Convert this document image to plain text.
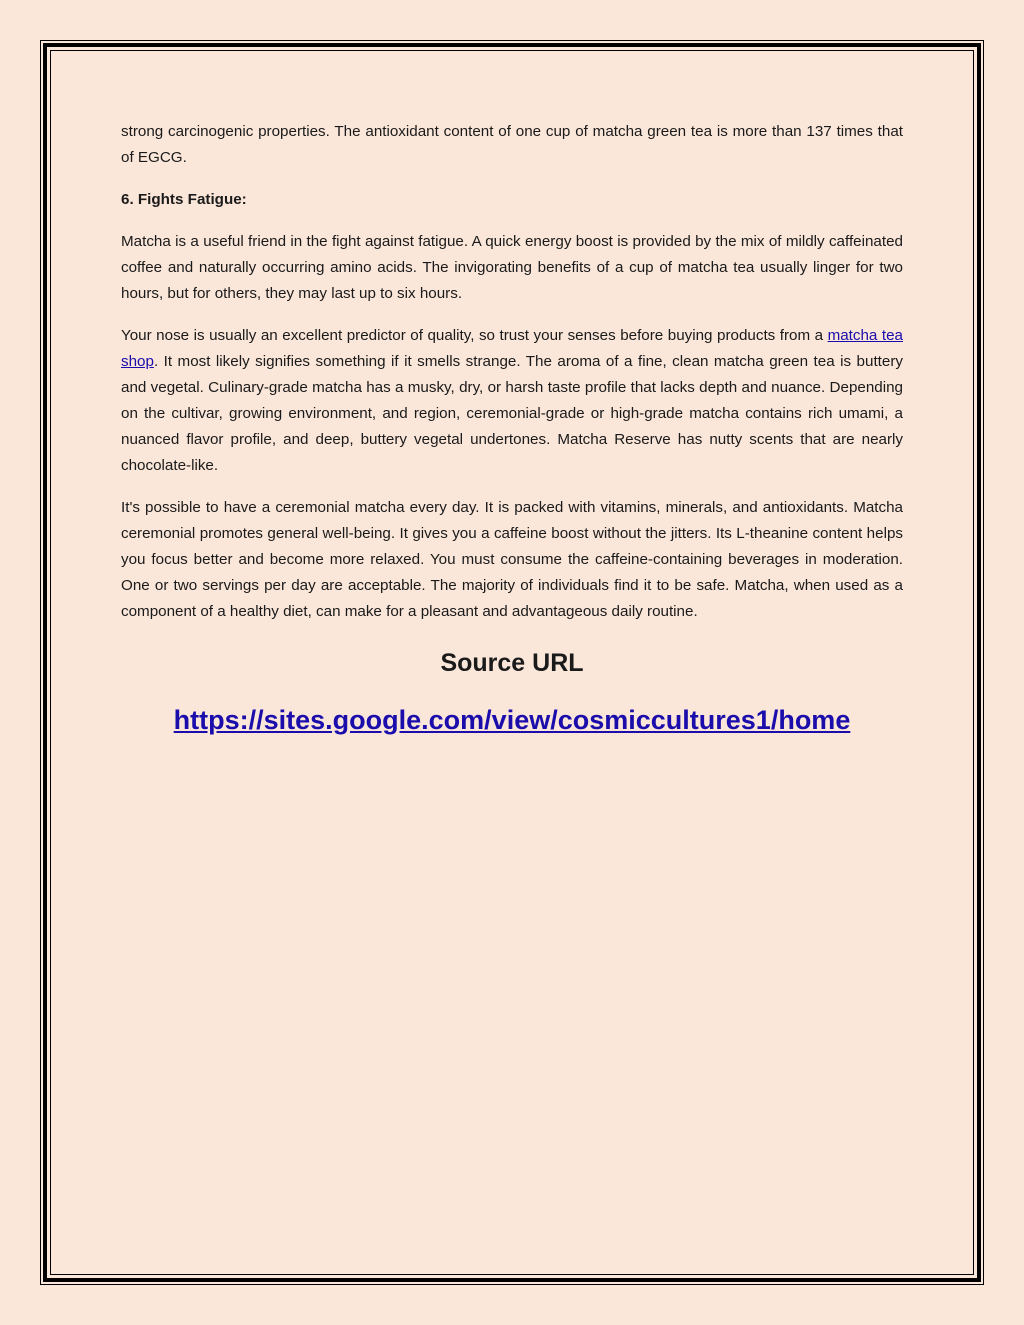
strong carcinogenic properties. The antioxidant content of one cup of matcha green tea is more than 137 times that of EGCG.

6. Fights Fatigue:

Matcha is a useful friend in the fight against fatigue. A quick energy boost is provided by the mix of mildly caffeinated coffee and naturally occurring amino acids. The invigorating benefits of a cup of matcha tea usually linger for two hours, but for others, they may last up to six hours.

Your nose is usually an excellent predictor of quality, so trust your senses before buying products from a matcha tea shop. It most likely signifies something if it smells strange. The aroma of a fine, clean matcha green tea is buttery and vegetal. Culinary-grade matcha has a musky, dry, or harsh taste profile that lacks depth and nuance. Depending on the cultivar, growing environment, and region, ceremonial-grade or high-grade matcha contains rich umami, a nuanced flavor profile, and deep, buttery vegetal undertones. Matcha Reserve has nutty scents that are nearly chocolate-like.

It's possible to have a ceremonial matcha every day. It is packed with vitamins, minerals, and antioxidants. Matcha ceremonial promotes general well-being. It gives you a caffeine boost without the jitters. Its L-theanine content helps you focus better and become more relaxed. You must consume the caffeine-containing beverages in moderation. One or two servings per day are acceptable. The majority of individuals find it to be safe. Matcha, when used as a component of a healthy diet, can make for a pleasant and advantageous daily routine.

Source URL
https://sites.google.com/view/cosmiccultures1/home
